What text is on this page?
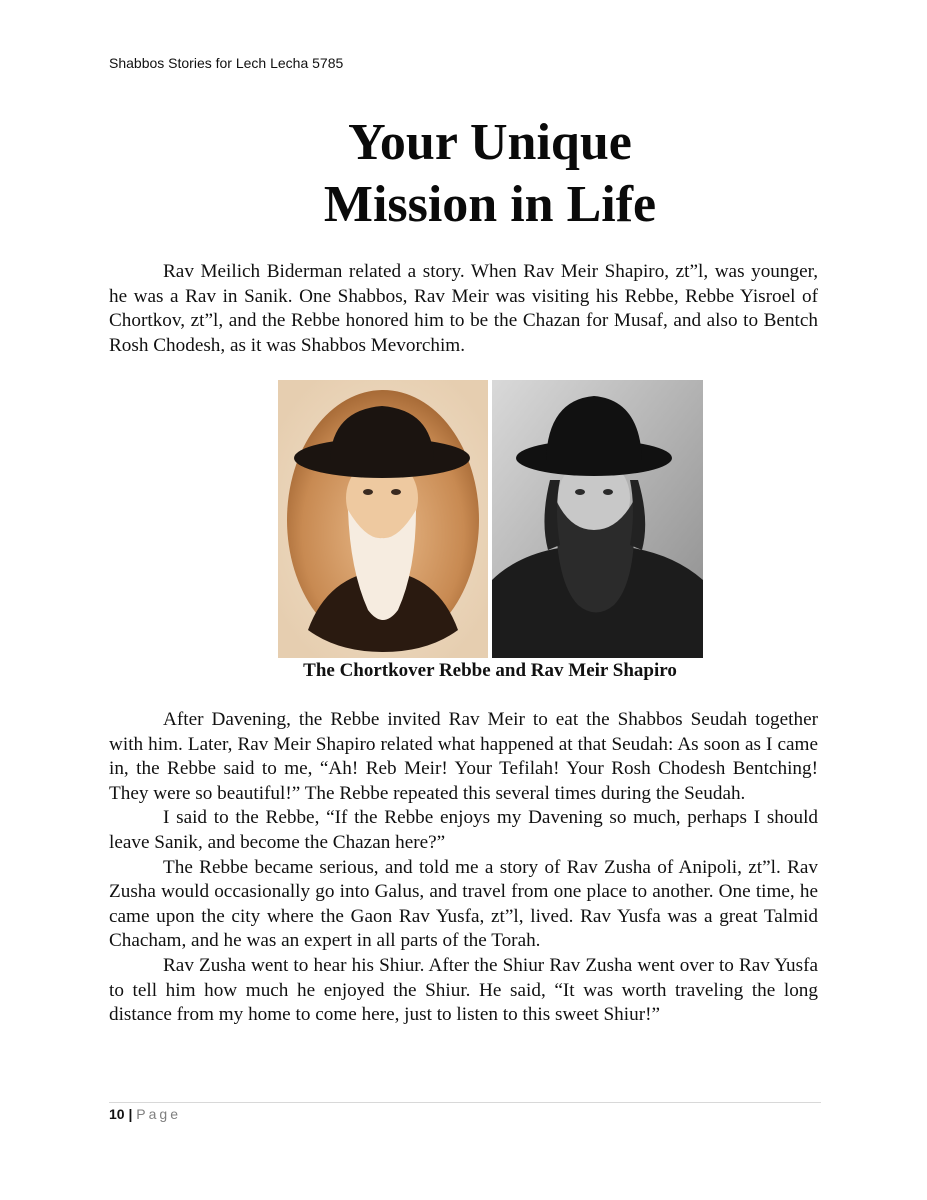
Shabbos Stories for Lech Lecha 5785
Your Unique
Mission in Life

Rav Meilich Biderman related a story. When Rav Meir Shapiro, zt”l, was younger, he was a Rav in Sanik. One Shabbos, Rav Meir was visiting his Rebbe, Rebbe Yisroel of Chortkov, zt”l, and the Rebbe honored him to be the Chazan for Musaf, and also to Bentch Rosh Chodesh, as it was Shabbos Mevorchim.

The Chortkover Rebbe and Rav Meir Shapiro

After Davening, the Rebbe invited Rav Meir to eat the Shabbos Seudah together with him. Later, Rav Meir Shapiro related what happened at that Seudah: As soon as I came in, the Rebbe said to me, “Ah! Reb Meir! Your Tefilah! Your Rosh Chodesh Bentching! They were so beautiful!” The Rebbe repeated this several times during the Seudah.

I said to the Rebbe, “If the Rebbe enjoys my Davening so much, perhaps I should leave Sanik, and become the Chazan here?”

The Rebbe became serious, and told me a story of Rav Zusha of Anipoli, zt”l. Rav Zusha would occasionally go into Galus, and travel from one place to another. One time, he came upon the city where the Gaon Rav Yusfa, zt”l, lived. Rav Yusfa was a great Talmid Chacham, and he was an expert in all parts of the Torah.

Rav Zusha went to hear his Shiur. After the Shiur Rav Zusha went over to Rav Yusfa to tell him how much he enjoyed the Shiur. He said, “It was worth traveling the long distance from my home to come here, just to listen to this sweet Shiur!”

10 | Page
